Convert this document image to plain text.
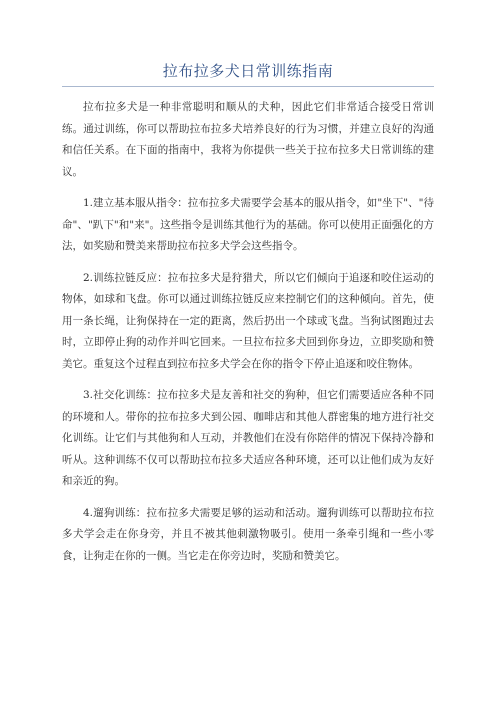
拉布拉多犬日常训练指南

拉布拉多犬是一种非常聪明和顺从的犬种，因此它们非常适合接受日常训练。通过训练，你可以帮助拉布拉多犬培养良好的行为习惯，并建立良好的沟通和信任关系。在下面的指南中，我将为你提供一些关于拉布拉多犬日常训练的建议。

1.建立基本服从指令：拉布拉多犬需要学会基本的服从指令，如"坐下"、"待命"、"趴下"和"来"。这些指令是训练其他行为的基础。你可以使用正面强化的方法，如奖励和赞美来帮助拉布拉多犬学会这些指令。

2.训练拉链反应：拉布拉多犬是狩猎犬，所以它们倾向于追逐和咬住运动的物体，如球和飞盘。你可以通过训练拉链反应来控制它们的这种倾向。首先，使用一条长绳，让狗保持在一定的距离，然后扔出一个球或飞盘。当狗试图跑过去时，立即停止狗的动作并叫它回来。一旦拉布拉多犬回到你身边，立即奖励和赞美它。重复这个过程直到拉布拉多犬学会在你的指令下停止追逐和咬住物体。

3.社交化训练：拉布拉多犬是友善和社交的狗种，但它们需要适应各种不同的环境和人。带你的拉布拉多犬到公园、咖啡店和其他人群密集的地方进行社交化训练。让它们与其他狗和人互动，并教他们在没有你陪伴的情况下保持冷静和听从。这种训练不仅可以帮助拉布拉多犬适应各种环境，还可以让他们成为友好和亲近的狗。

4.遛狗训练：拉布拉多犬需要足够的运动和活动。遛狗训练可以帮助拉布拉多犬学会走在你身旁，并且不被其他刺激物吸引。使用一条牵引绳和一些小零食，让狗走在你的一侧。当它走在你旁边时，奖励和赞美它。
